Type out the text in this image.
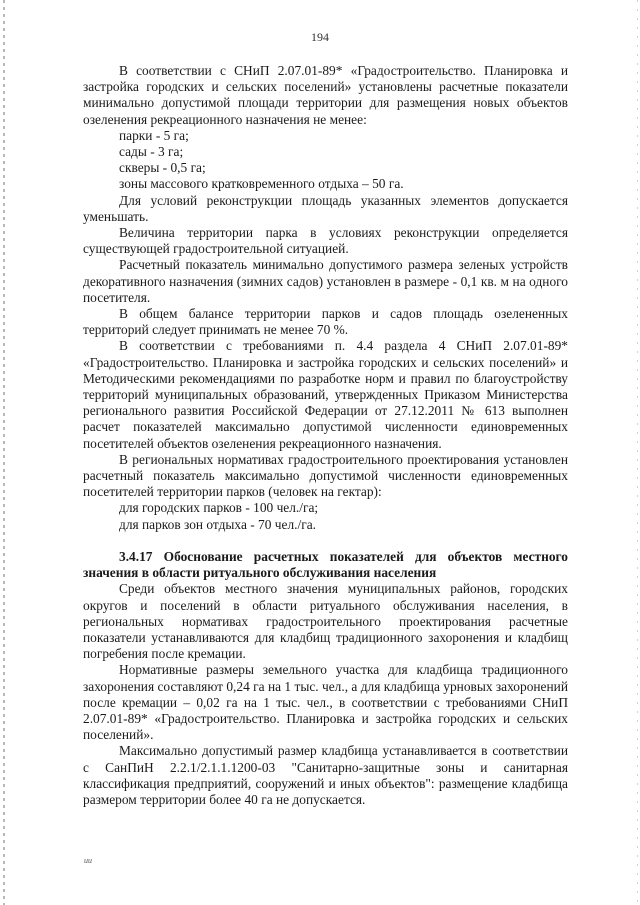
194

В соответствии с СНиП 2.07.01-89* «Градостроительство. Планировка и застройка городских и сельских поселений» установлены расчетные показатели минимально допустимой площади территории для размещения новых объектов озеленения рекреационного назначения не менее:

парки - 5 га;

сады - 3 га;

скверы - 0,5 га;

зоны массового кратковременного отдыха – 50 га.

Для условий реконструкции площадь указанных элементов допускается уменьшать.

Величина территории парка в условиях реконструкции определяется существующей градостроительной ситуацией.

Расчетный показатель минимально допустимого размера зеленых устройств декоративного назначения (зимних садов) установлен в размере - 0,1 кв. м на одного посетителя.

В общем балансе территории парков и садов площадь озелененных территорий следует принимать не менее 70 %.

В соответствии с требованиями п. 4.4 раздела 4 СНиП 2.07.01-89* «Градостроительство. Планировка и застройка городских и сельских поселений» и Методическими рекомендациями по разработке норм и правил по благоустройству территорий муниципальных образований, утвержденных Приказом Министерства регионального развития Российской Федерации от 27.12.2011 № 613 выполнен расчет показателей максимально допустимой численности единовременных посетителей объектов озеленения рекреационного назначения.

В региональных нормативах градостроительного проектирования установлен расчетный показатель максимально допустимой численности единовременных посетителей территории парков (человек на гектар):

для городских парков - 100 чел./га;

для парков зон отдыха - 70 чел./га.

3.4.17 Обоснование расчетных показателей для объектов местного значения в области ритуального обслуживания населения

Среди объектов местного значения муниципальных районов, городских округов и поселений в области ритуального обслуживания населения, в региональных нормативах градостроительного проектирования расчетные показатели устанавливаются для кладбищ традиционного захоронения и кладбищ погребения после кремации.

Нормативные размеры земельного участка для кладбища традиционного захоронения составляют 0,24 га на 1 тыс. чел., а для кладбища урновых захоронений после кремации – 0,02 га на 1 тыс. чел., в соответствии с требованиями СНиП 2.07.01-89* «Градостроительство. Планировка и застройка городских и сельских поселений».

Максимально допустимый размер кладбища устанавливается в соответствии с СанПиН 2.2.1/2.1.1.1200-03 "Санитарно-защитные зоны и санитарная классификация предприятий, сооружений и иных объектов": размещение кладбища размером территории более 40 га не допускается.

ии
